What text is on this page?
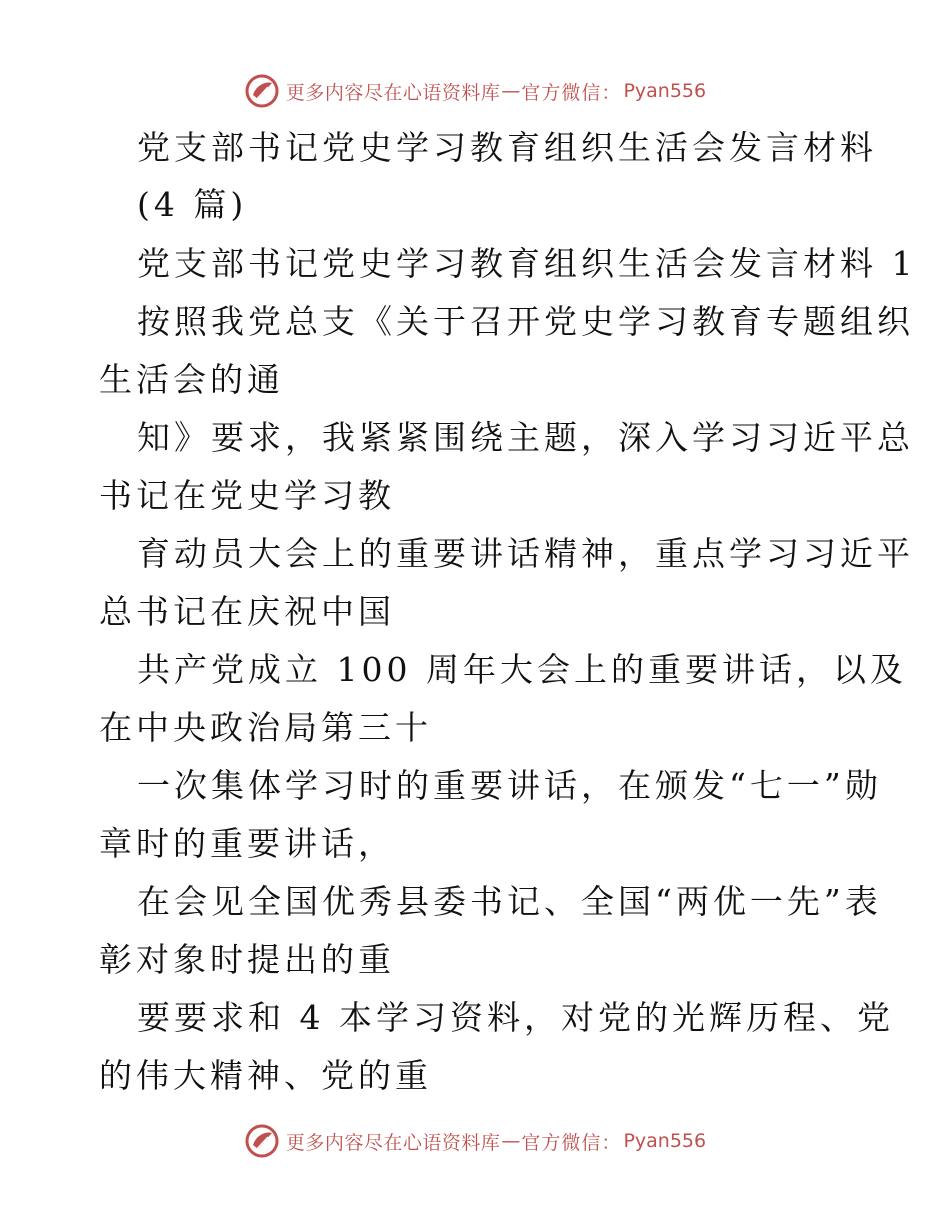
更多内容尽在心语资料库 — 官方微信： Pyan556
党支部书记党史学习教育组织生活会发言材料
(4 篇)
党支部书记党史学习教育组织生活会发言材料 1
按照我党总支《关于召开党史学习教育专题组织
生活会的通
知》要求，我紧紧围绕主题，深入学习习近平总
书记在党史学习教
育动员大会上的重要讲话精神，重点学习习近平
总书记在庆祝中国
共产党成立 100 周年大会上的重要讲话，以及
在中央政治局第三十
一次集体学习时的重要讲话，在颁发“七一”勋
章时的重要讲话，
在会见全国优秀县委书记、全国“两优一先”表
彰对象时提出的重
要要求和 4 本学习资料，对党的光辉历程、党
的伟大精神、党的重
更多内容尽在心语资料库 — 官方微信： Pyan556
